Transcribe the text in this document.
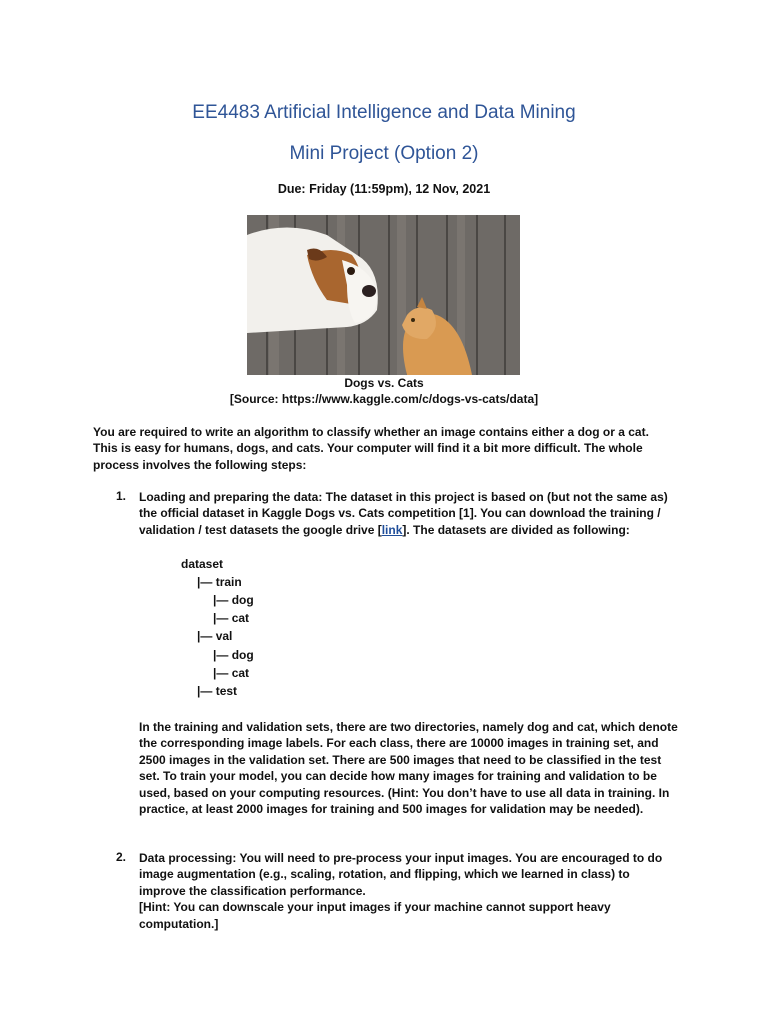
EE4483 Artificial Intelligence and Data Mining
Mini Project (Option 2)
Due: Friday (11:59pm), 12 Nov, 2021
Dogs vs. Cats
[Source: https://www.kaggle.com/c/dogs-vs-cats/data]
You are required to write an algorithm to classify whether an image contains either a dog or a cat. This is easy for humans, dogs, and cats. Your computer will find it a bit more difficult. The whole process involves the following steps:
1. Loading and preparing the data: The dataset in this project is based on (but not the same as) the official dataset in Kaggle Dogs vs. Cats competition [1]. You can download the training / validation / test datasets the google drive [link]. The datasets are divided as following:
dataset
|— train
|— dog
|— cat
|— val
|— dog
|— cat
|— test
In the training and validation sets, there are two directories, namely dog and cat, which denote the corresponding image labels. For each class, there are 10000 images in training set, and 2500 images in the validation set. There are 500 images that need to be classified in the test set. To train your model, you can decide how many images for training and validation to be used, based on your computing resources. (Hint: You don’t have to use all data in training. In practice, at least 2000 images for training and 500 images for validation may be needed).
2. Data processing: You will need to pre-process your input images. You are encouraged to do image augmentation (e.g., scaling, rotation, and flipping, which we learned in class) to improve the classification performance.
[Hint: You can downscale your input images if your machine cannot support heavy computation.]
